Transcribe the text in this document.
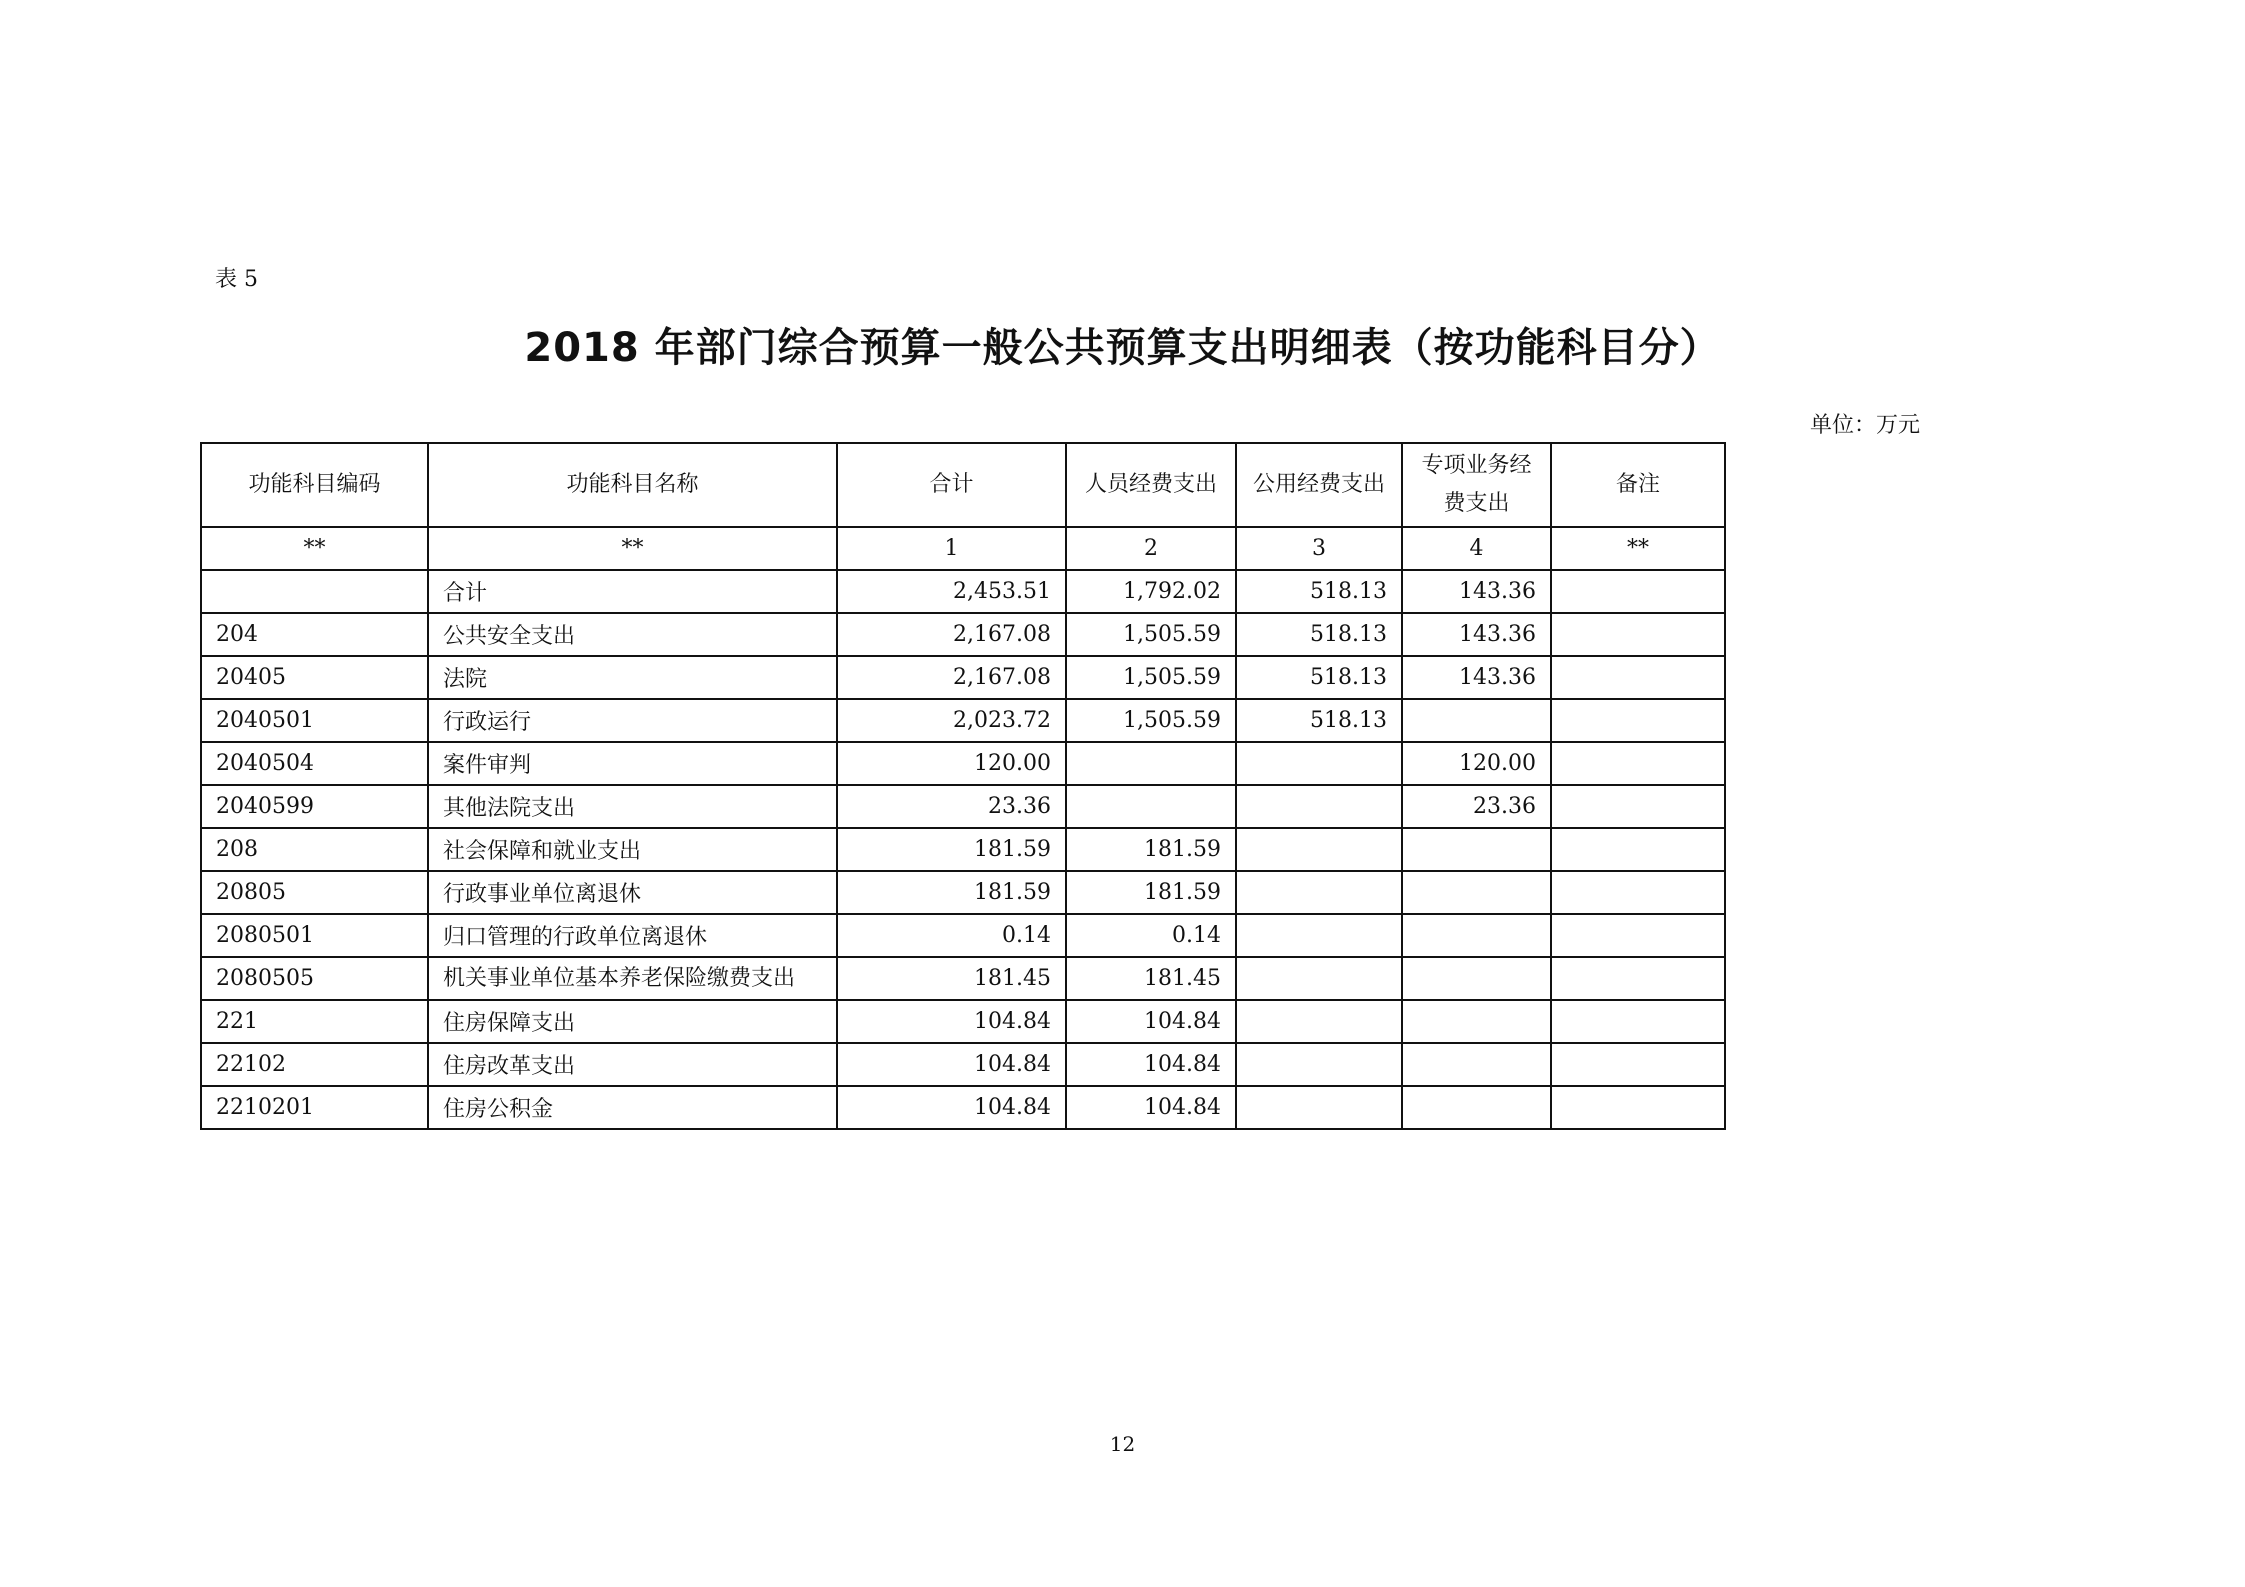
表 5
2018 年部门综合预算一般公共预算支出明细表（按功能科目分）
单位：万元
功能科目编码	功能科目名称	合计	人员经费支出	公用经费支出	专项业务经费支出	备注
**	**	1	2	3	4	**
	合计	2,453.51	1,792.02	518.13	143.36	
204	公共安全支出	2,167.08	1,505.59	518.13	143.36	
20405	法院	2,167.08	1,505.59	518.13	143.36	
2040501	行政运行	2,023.72	1,505.59	518.13		
2040504	案件审判	120.00			120.00	
2040599	其他法院支出	23.36			23.36	
208	社会保障和就业支出	181.59	181.59			
20805	行政事业单位离退休	181.59	181.59			
2080501	归口管理的行政单位离退休	0.14	0.14			
2080505	机关事业单位基本养老保险缴费支出	181.45	181.45			
221	住房保障支出	104.84	104.84			
22102	住房改革支出	104.84	104.84			
2210201	住房公积金	104.84	104.84			
12
